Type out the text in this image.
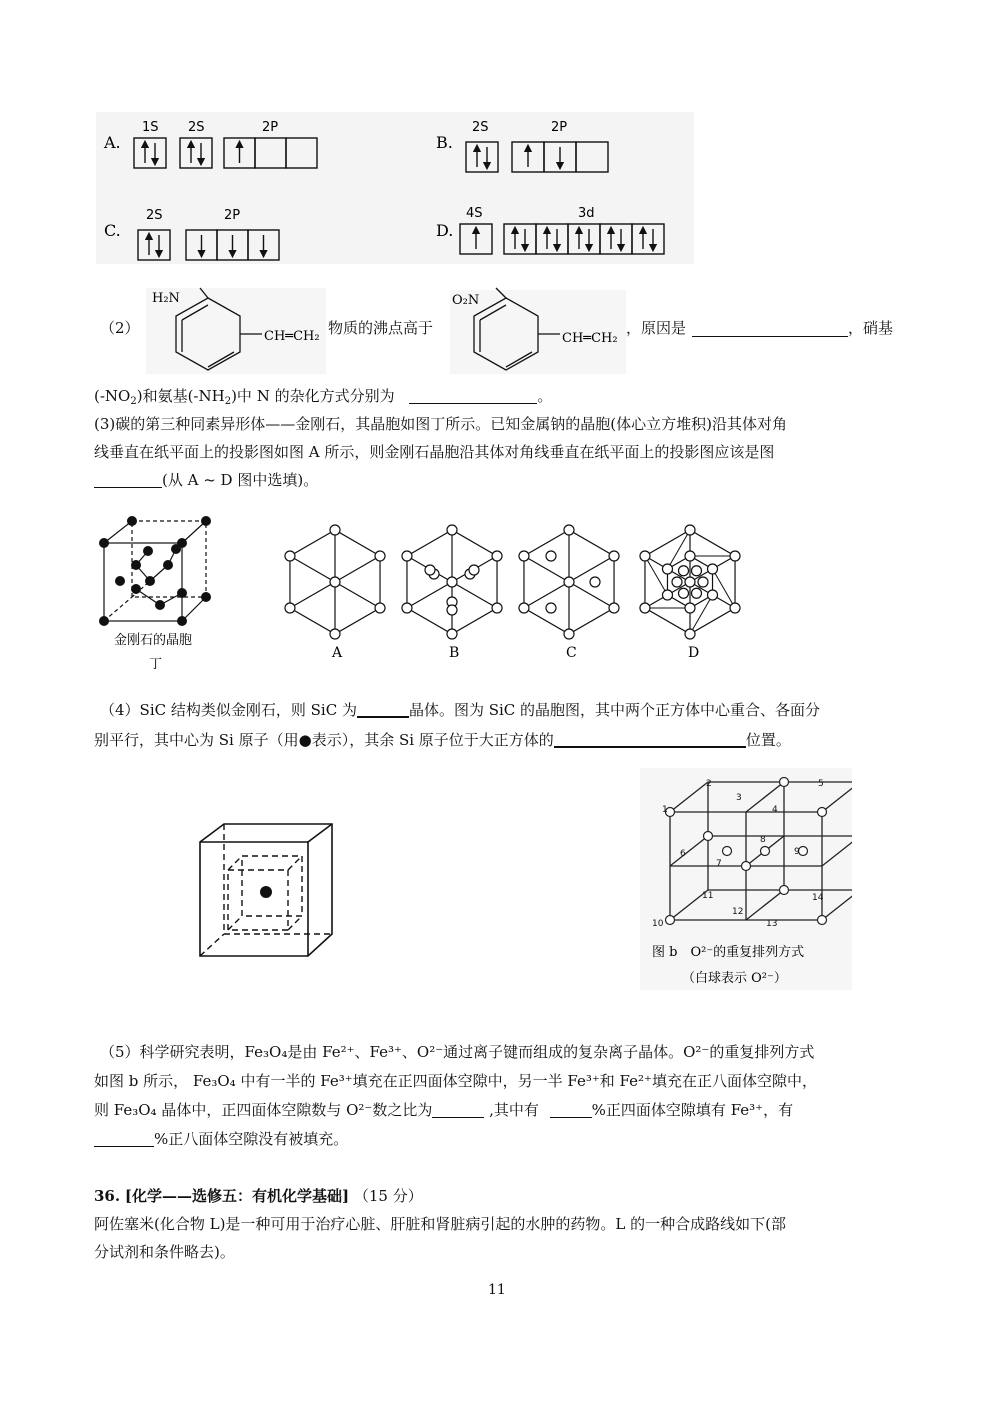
A.
1S 2S	2P
B.
2S	2P
C.
2S	2P
D.
4S	3d
H₂N
CH═CH₂
O₂N
CH═CH₂
（2）	物质的沸点高于	，原因是	，硝基
$(-NO_2)$和氨基$(-NH_2)$中 N 的杂化方式分别为	。
(3)碳的第三种同素异形体——金刚石，其晶胞如图丁所示。已知金属钠的晶胞(体心立方堆积)沿其体对角
线垂直在纸平面上的投影图如图 A 所示，则金刚石晶胞沿其体对角线垂直在纸平面上的投影图应该是图
(从 A ~ D 图中选填)。
金刚石的晶胞
丁
A	B	C	D
（4）SiC 结构类似金刚石，则 SiC 为	晶体。图为 SiC 的晶胞图，其中两个正方体中心重合、各面分
别平行，其中心为 Si 原子（用●表示），其余 Si 原子位于大正方体的	位置。
1
2
3
4
5
6
7
8
9
10
11
12
13
14
图 b　O²⁻的重复排列方式
（白球表示 O²⁻）
（5）科学研究表明，Fe₃O₄是由 Fe²⁺、Fe³⁺、O²⁻通过离子键而组成的复杂离子晶体。O²⁻的重复排列方式
如图 b 所示， Fe₃O₄ 中有一半的 Fe³⁺填充在正四面体空隙中，另一半 Fe³⁺和 Fe²⁺填充在正八面体空隙中，
则 Fe₃O₄ 晶体中，正四面体空隙数与 O²⁻数之比为	,其中有	%正四面体空隙填有 Fe³⁺，有
%正八面体空隙没有被填充。
36. [化学——选修五：有机化学基础] （15 分）
阿佐塞米(化合物 L)是一种可用于治疗心脏、肝脏和肾脏病引起的水肿的药物。L 的一种合成路线如下(部
分试剂和条件略去)。
11
